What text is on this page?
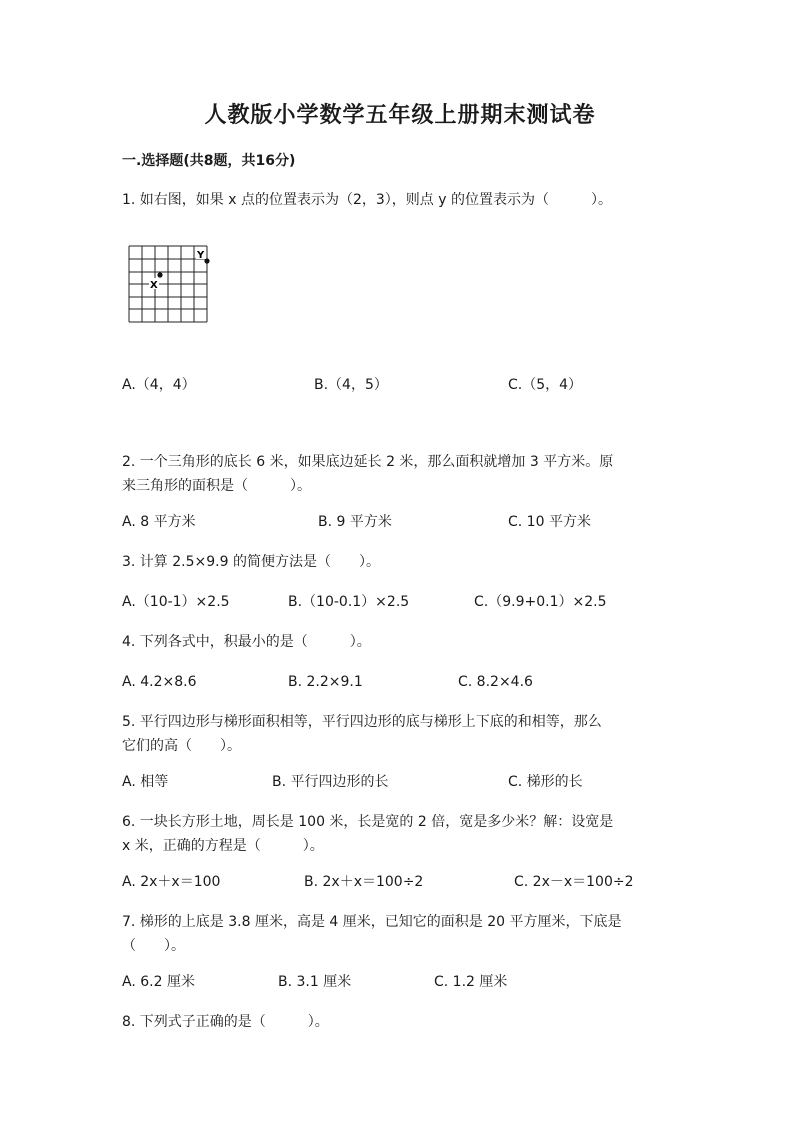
人教版小学数学五年级上册期末测试卷
一.选择题(共8题，共16分)
1. 如右图，如果 x 点的位置表示为（2，3），则点 y 的位置表示为（　　　）。
X
Y
A.（4，4）	B.（4，5）	C.（5，4）
2. 一个三角形的底长 6 米，如果底边延长 2 米，那么面积就增加 3 平方米。原
来三角形的面积是（　　　）。
A. 8 平方米	B. 9 平方米	C. 10 平方米
3. 计算 2.5×9.9 的简便方法是（　　）。
A.（10-1）×2.5	B.（10-0.1）×2.5	C.（9.9+0.1）×2.5
4. 下列各式中，积最小的是（　　　）。
A. 4.2×8.6	B. 2.2×9.1	C. 8.2×4.6
5. 平行四边形与梯形面积相等，平行四边形的底与梯形上下底的和相等，那么
它们的高（　　）。
A. 相等	B. 平行四边形的长	C. 梯形的长
6. 一块长方形土地，周长是 100 米，长是宽的 2 倍，宽是多少米？解：设宽是
x 米，正确的方程是（　　　）。
A. 2x＋x＝100	B. 2x＋x＝100÷2	C. 2x－x＝100÷2
7. 梯形的上底是 3.8 厘米，高是 4 厘米，已知它的面积是 20 平方厘米，下底是
（　　）。
A. 6.2 厘米	B. 3.1 厘米	C. 1.2 厘米
8. 下列式子正确的是（　　　）。
